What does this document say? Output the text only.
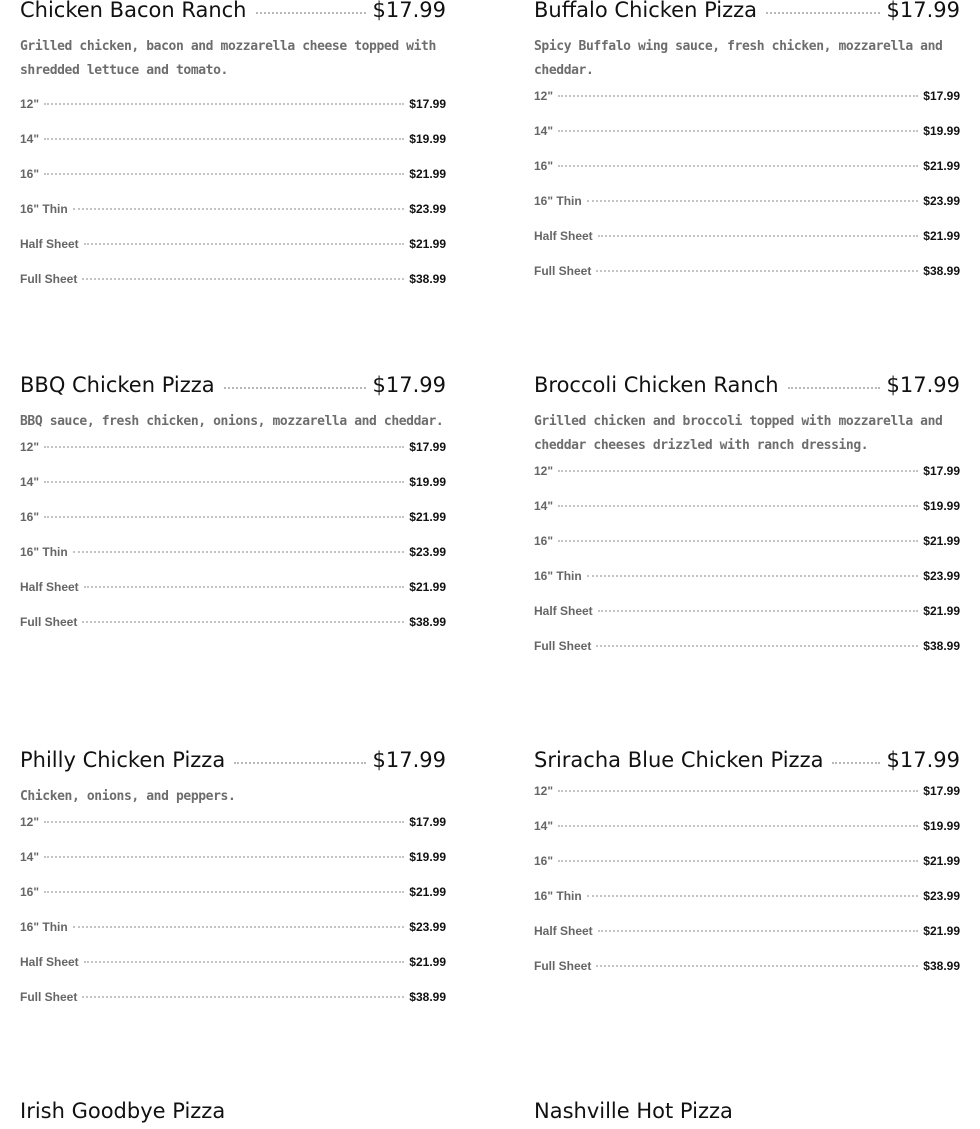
Chicken Bacon Ranch	$17.99
Grilled chicken, bacon and mozzarella cheese topped with shredded lettuce and tomato.
12"	$17.99
14"	$19.99
16"	$21.99
16" Thin	$23.99
Half Sheet	$21.99
Full Sheet	$38.99
Buffalo Chicken Pizza	$17.99
Spicy Buffalo wing sauce, fresh chicken, mozzarella and cheddar.
12"	$17.99
14"	$19.99
16"	$21.99
16" Thin	$23.99
Half Sheet	$21.99
Full Sheet	$38.99
BBQ Chicken Pizza	$17.99
BBQ sauce, fresh chicken, onions, mozzarella and cheddar.
12"	$17.99
14"	$19.99
16"	$21.99
16" Thin	$23.99
Half Sheet	$21.99
Full Sheet	$38.99
Broccoli Chicken Ranch	$17.99
Grilled chicken and broccoli topped with mozzarella and cheddar cheeses drizzled with ranch dressing.
12"	$17.99
14"	$19.99
16"	$21.99
16" Thin	$23.99
Half Sheet	$21.99
Full Sheet	$38.99
Philly Chicken Pizza	$17.99
Chicken, onions, and peppers.
12"	$17.99
14"	$19.99
16"	$21.99
16" Thin	$23.99
Half Sheet	$21.99
Full Sheet	$38.99
Sriracha Blue Chicken Pizza	$17.99
12"	$17.99
14"	$19.99
16"	$21.99
16" Thin	$23.99
Half Sheet	$21.99
Full Sheet	$38.99
Irish Goodbye Pizza	Nashville Hot Pizza
